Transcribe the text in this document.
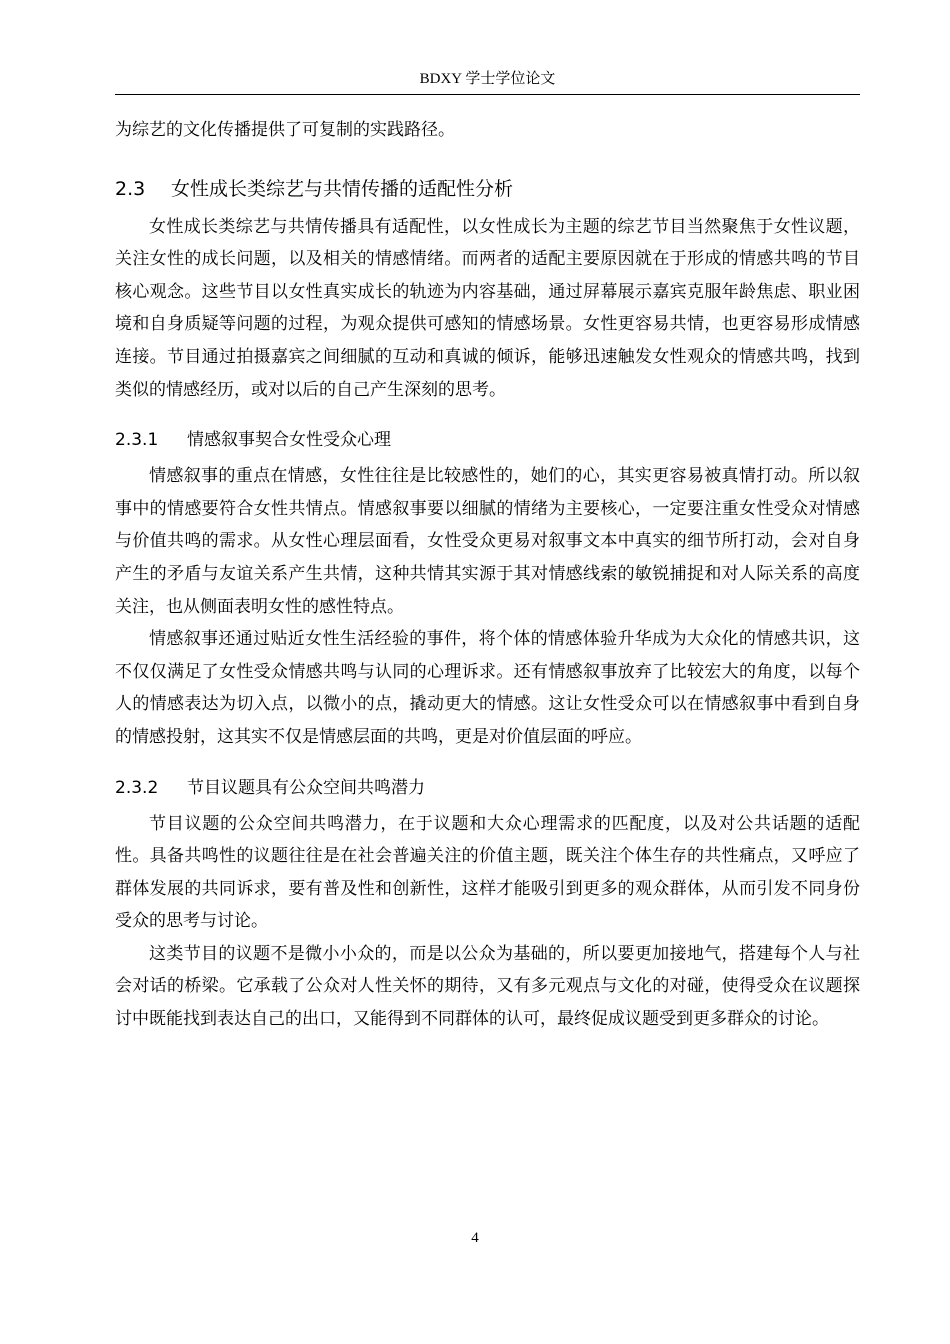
BDXY 学士学位论文

为综艺的文化传播提供了可复制的实践路径。

2.3 女性成长类综艺与共情传播的适配性分析

女性成长类综艺与共情传播具有适配性，以女性成长为主题的综艺节目当然聚焦于女性议题，关注女性的成长问题，以及相关的情感情绪。而两者的适配主要原因就在于形成的情感共鸣的节目核心观念。这些节目以女性真实成长的轨迹为内容基础，通过屏幕展示嘉宾克服年龄焦虑、职业困境和自身质疑等问题的过程，为观众提供可感知的情感场景。女性更容易共情，也更容易形成情感连接。节目通过拍摄嘉宾之间细腻的互动和真诚的倾诉，能够迅速触发女性观众的情感共鸣，找到类似的情感经历，或对以后的自己产生深刻的思考。

2.3.1 情感叙事契合女性受众心理

情感叙事的重点在情感，女性往往是比较感性的，她们的心，其实更容易被真情打动。所以叙事中的情感要符合女性共情点。情感叙事要以细腻的情绪为主要核心，一定要注重女性受众对情感与价值共鸣的需求。从女性心理层面看，女性受众更易对叙事文本中真实的细节所打动，会对自身产生的矛盾与友谊关系产生共情，这种共情其实源于其对情感线索的敏锐捕捉和对人际关系的高度关注，也从侧面表明女性的感性特点。

情感叙事还通过贴近女性生活经验的事件，将个体的情感体验升华成为大众化的情感共识，这不仅仅满足了女性受众情感共鸣与认同的心理诉求。还有情感叙事放弃了比较宏大的角度，以每个人的情感表达为切入点，以微小的点，撬动更大的情感。这让女性受众可以在情感叙事中看到自身的情感投射，这其实不仅是情感层面的共鸣，更是对价值层面的呼应。

2.3.2 节目议题具有公众空间共鸣潜力

节目议题的公众空间共鸣潜力，在于议题和大众心理需求的匹配度，以及对公共话题的适配性。具备共鸣性的议题往往是在社会普遍关注的价值主题，既关注个体生存的共性痛点，又呼应了群体发展的共同诉求，要有普及性和创新性，这样才能吸引到更多的观众群体，从而引发不同身份受众的思考与讨论。

这类节目的议题不是微小小众的，而是以公众为基础的，所以要更加接地气，搭建每个人与社会对话的桥梁。它承载了公众对人性关怀的期待，又有多元观点与文化的对碰，使得受众在议题探讨中既能找到表达自己的出口，又能得到不同群体的认可，最终促成议题受到更多群众的讨论。

4
